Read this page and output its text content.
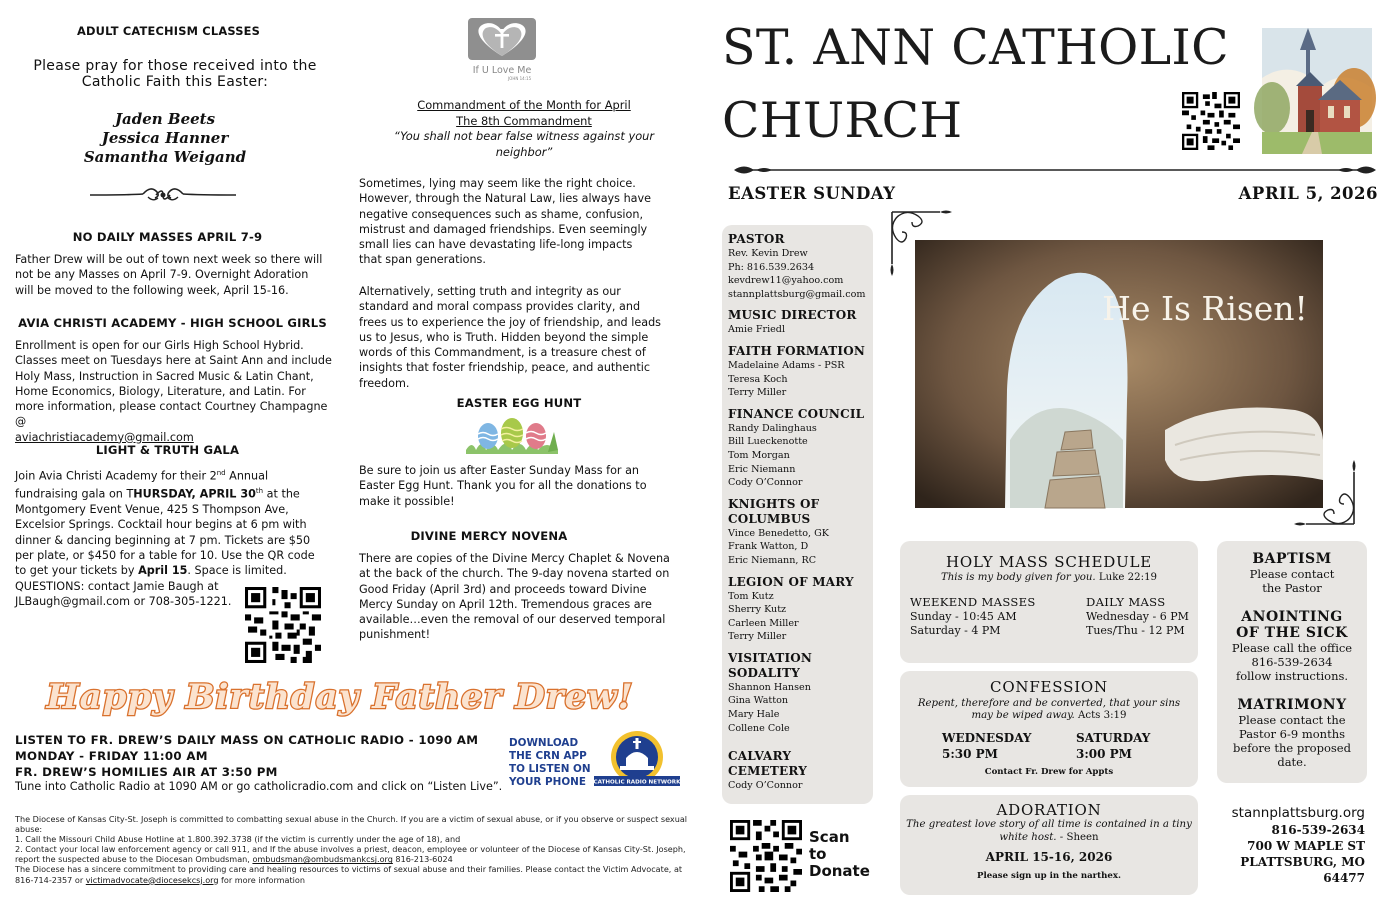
ADULT CATECHISM CLASSES
Please pray for those received into the Catholic Faith this Easter:
Jaden Beets
Jessica Hanner
Samantha Weigand
NO DAILY MASSES APRIL 7-9
Father Drew will be out of town next week so there will not be any Masses on April 7-9. Overnight Adoration will be moved to the following week, April 15-16.
AVIA CHRISTI ACADEMY - HIGH SCHOOL GIRLS
Enrollment is open for our Girls High School Hybrid. Classes meet on Tuesdays here at Saint Ann and include Holy Mass, Instruction in Sacred Music & Latin Chant, Home Economics, Biology, Literature, and Latin. For more information, please contact Courtney Champagne @
aviachristiacademy@gmail.com
LIGHT & TRUTH GALA
Join Avia Christi Academy for their 2nd Annual fundraising gala on THURSDAY, APRIL 30th at the Montgomery Event Venue, 425 S Thompson Ave, Excelsior Springs. Cocktail hour begins at 6 pm with dinner & dancing beginning at 7 pm. Tickets are $50 per plate, or $450 for a table for 10. Use the QR code to get your tickets by April 15. Space is limited.
QUESTIONS: contact Jamie Baugh at
JLBaugh@gmail.com or 708-305-1221.
If U Love Me
JOHN 14:15
Commandment of the Month for April
The 8th Commandment
“You shall not bear false witness against your neighbor”
Sometimes, lying may seem like the right choice. However, through the Natural Law, lies always have negative consequences such as shame, confusion, mistrust and damaged friendships. Even seemingly small lies can have devastating life-long impacts that span generations.
Alternatively, setting truth and integrity as our standard and moral compass provides clarity, and frees us to experience the joy of friendship, and leads us to Jesus, who is Truth. Hidden beyond the simple words of this Commandment, is a treasure chest of insights that foster friendship, peace, and authentic freedom.
EASTER EGG HUNT
Be sure to join us after Easter Sunday Mass for an Easter Egg Hunt. Thank you for all the donations to make it possible!
DIVINE MERCY NOVENA
There are copies of the Divine Mercy Chaplet & Novena at the back of the church. The 9-day novena started on Good Friday (April 3rd) and proceeds toward Divine Mercy Sunday on April 12th. Tremendous graces are available…even the removal of our deserved temporal punishment!
Happy Birthday Father Drew!
LISTEN TO FR. DREW’S DAILY MASS ON CATHOLIC RADIO - 1090 AM
MONDAY - FRIDAY 11:00 AM
FR. DREW’S HOMILIES AIR AT 3:50 PM
Tune into Catholic Radio at 1090 AM or go catholicradio.com and click on “Listen Live”.
DOWNLOAD
THE CRN APP
TO LISTEN ON
YOUR PHONE	CATHOLIC RADIO NETWORK
The Diocese of Kansas City-St. Joseph is committed to combatting sexual abuse in the Church. If you are a victim of sexual abuse, or if you observe or suspect sexual abuse:
1. Call the Missouri Child Abuse Hotline at 1.800.392.3738 (if the victim is currently under the age of 18), and
2. Contact your local law enforcement agency or call 911, and If the abuse involves a priest, deacon, employee or volunteer of the Diocese of Kansas City-St. Joseph, report the suspected abuse to the Diocesan Ombudsman, ombudsman@ombudsmankcsj.org 816-213-6024
The Diocese has a sincere commitment to providing care and healing resources to victims of sexual abuse and their families. Please contact the Victim Advocate, at 816-714-2357 or victimadvocate@diocesekcsj.org for more information
ST. ANN CATHOLIC
CHURCH
EASTER SUNDAY	APRIL 5, 2026
PASTOR
Rev. Kevin Drew
Ph: 816.539.2634
kevdrew11@yahoo.com
stannplattsburg@gmail.com
MUSIC DIRECTOR
Amie Friedl
FAITH FORMATION
Madelaine Adams - PSR
Teresa Koch
Terry Miller
FINANCE COUNCIL
Randy Dalinghaus
Bill Lueckenotte
Tom Morgan
Eric Niemann
Cody O’Connor
KNIGHTS OF COLUMBUS
Vince Benedetto, GK
Frank Watton, D
Eric Niemann, RC
LEGION OF MARY
Tom Kutz
Sherry Kutz
Carleen Miller
Terry Miller
VISITATION SODALITY
Shannon Hansen
Gina Watton
Mary Hale
Collene Cole
CALVARY CEMETERY
Cody O’Connor
He Is Risen!
HOLY MASS SCHEDULE
This is my body given for you. Luke 22:19
WEEKEND MASSES
Sunday - 10:45 AM
Saturday - 4 PM
DAILY MASS
Wednesday - 6 PM
Tues/Thu - 12 PM
CONFESSION
Repent, therefore and be converted, that your sins may be wiped away. Acts 3:19
WEDNESDAY
5:30 PM
SATURDAY
3:00 PM
Contact Fr. Drew for Appts
ADORATION
The greatest love story of all time is contained in a tiny white host. - Sheen
APRIL 15-16, 2026
Please sign up in the narthex.
BAPTISM
Please contact the Pastor
ANOINTING OF THE SICK
Please call the office
816-539-2634
follow instructions.
MATRIMONY
Please contact the Pastor 6-9 months before the proposed date.
Scan
to
Donate
stannplattsburg.org
816-539-2634
700 W MAPLE ST
PLATTSBURG, MO
64477
